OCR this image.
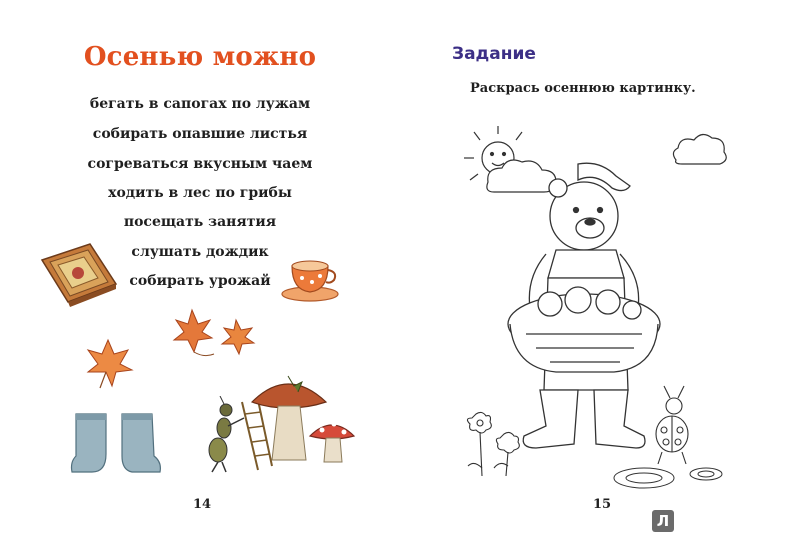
Осенью можно
бегать в сапогах по лужам
собирать опавшие листья
согреваться вкусным чаем
ходить в лес по грибы
посещать занятия
слушать дождик
собирать урожай
14
Задание
Раскрась осеннюю картинку.
15
Л
